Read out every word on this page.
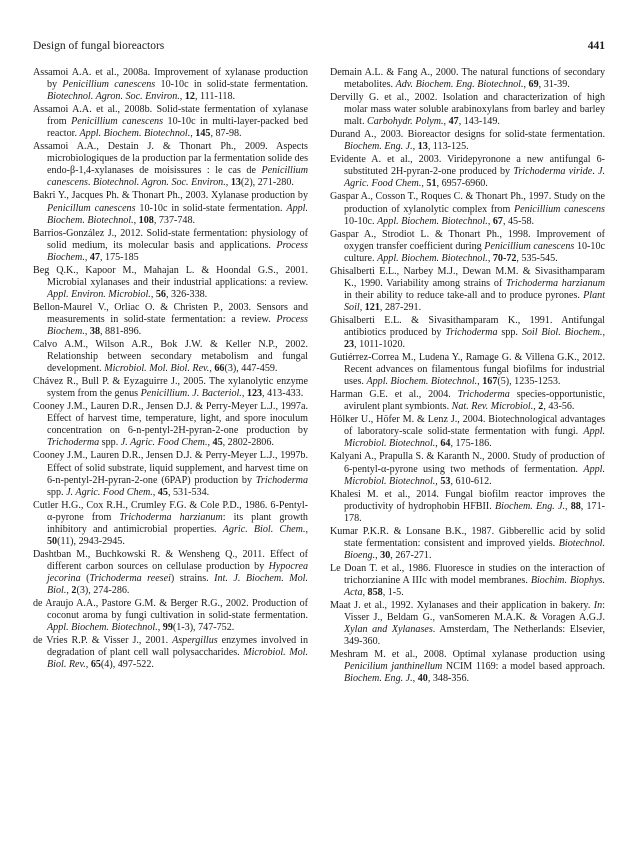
Design of fungal bioreactors	441

Assamoi A.A. et al., 2008a. Improvement of xylanase production by Penicillium canescens 10-10c in solid-state fermentation. Biotechnol. Agron. Soc. Environ., 12, 111-118.

Assamoi A.A. et al., 2008b. Solid-state fermentation of xylanase from Penicillium canescens 10-10c in multi-layer-packed bed reactor. Appl. Biochem. Biotechnol., 145, 87-98.

Assamoi A.A., Destain J. & Thonart Ph., 2009. Aspects microbiologiques de la production par la fermentation solide des endo-β-1,4-xylanases de moisissures : le cas de Penicillium canescens. Biotechnol. Agron. Soc. Environ., 13(2), 271-280.

Bakri Y., Jacques Ph. & Thonart Ph., 2003. Xylanase production by Penicillum canescens 10-10c in solid-state fermentation. Appl. Biochem. Biotechnol., 108, 737-748.

Barrios-González J., 2012. Solid-state fermentation: physiology of solid medium, its molecular basis and applications. Process Biochem., 47, 175-185

Beg Q.K., Kapoor M., Mahajan L. & Hoondal G.S., 2001. Microbial xylanases and their industrial applications: a review. Appl. Environ. Microbiol., 56, 326-338.

Bellon-Maurel V., Orliac O. & Christen P., 2003. Sensors and measurements in solid-state fermentation: a review. Process Biochem., 38, 881-896.

Calvo A.M., Wilson A.R., Bok J.W. & Keller N.P., 2002. Relationship between secondary metabolism and fungal development. Microbiol. Mol. Biol. Rev., 66(3), 447-459.

Chávez R., Bull P. & Eyzaguirre J., 2005. The xylanolytic enzyme system from the genus Penicillium. J. Bacteriol., 123, 413-433.

Cooney J.M., Lauren D.R., Jensen D.J. & Perry-Meyer L.J., 1997a. Effect of harvest time, temperature, light, and spore inoculum concentration on 6-n-pentyl-2H-pyran-2-one production by Trichoderma spp. J. Agric. Food Chem., 45, 2802-2806.

Cooney J.M., Lauren D.R., Jensen D.J. & Perry-Meyer L.J., 1997b. Effect of solid substrate, liquid supplement, and harvest time on 6-n-pentyl-2H-pyran-2-one (6PAP) production by Trichoderma spp. J. Agric. Food Chem., 45, 531-534.

Cutler H.G., Cox R.H., Crumley F.G. & Cole P.D., 1986. 6-Pentyl-α-pyrone from Trichoderma harzianum: its plant growth inhibitory and antimicrobial properties. Agric. Biol. Chem., 50(11), 2943-2945.

Dashtban M., Buchkowski R. & Wensheng Q., 2011. Effect of different carbon sources on cellulase production by Hypocrea jecorina (Trichoderma reesei) strains. Int. J. Biochem. Mol. Biol., 2(3), 274-286.

de Araujo A.A., Pastore G.M. & Berger R.G., 2002. Production of coconut aroma by fungi cultivation in solid-state fermentation. Appl. Biochem. Biotechnol., 99(1-3), 747-752.

de Vries R.P. & Visser J., 2001. Aspergillus enzymes involved in degradation of plant cell wall polysaccharides. Microbiol. Mol. Biol. Rev., 65(4), 497-522.

Demain A.L. & Fang A., 2000. The natural functions of secondary metabolites. Adv. Biochem. Eng. Biotechnol., 69, 31-39.

Dervilly G. et al., 2002. Isolation and characterization of high molar mass water soluble arabinoxylans from barley and barley malt. Carbohydr. Polym., 47, 143-149.

Durand A., 2003. Bioreactor designs for solid-state fermentation. Biochem. Eng. J., 13, 113-125.

Evidente A. et al., 2003. Viridepyronone a new antifungal 6-substituted 2H-pyran-2-one produced by Trichoderma viride. J. Agric. Food Chem., 51, 6957-6960.

Gaspar A., Cosson T., Roques C. & Thonart Ph., 1997. Study on the production of xylanolytic complex from Penicillium canescens 10-10c. Appl. Biochem. Biotechnol., 67, 45-58.

Gaspar A., Strodiot L. & Thonart Ph., 1998. Improvement of oxygen transfer coefficient during Penicillium canescens 10-10c culture. Appl. Biochem. Biotechnol., 70-72, 535-545.

Ghisalberti E.L., Narbey M.J., Dewan M.M. & Sivasithamparam K., 1990. Variability among strains of Trichoderma harzianum in their ability to reduce take-all and to produce pyrones. Plant Soil, 121, 287-291.

Ghisalberti E.L. & Sivasithamparam K., 1991. Antifungal antibiotics produced by Trichoderma spp. Soil Biol. Biochem., 23, 1011-1020.

Gutiérrez-Correa M., Ludena Y., Ramage G. & Villena G.K., 2012. Recent advances on filamentous fungal biofilms for industrial uses. Appl. Biochem. Biotechnol., 167(5), 1235-1253.

Harman G.E. et al., 2004. Trichoderma species-opportunistic, avirulent plant symbionts. Nat. Rev. Microbiol., 2, 43-56.

Hölker U., Höfer M. & Lenz J., 2004. Biotechnological advantages of laboratory-scale solid-state fermentation with fungi. Appl. Microbiol. Biotechnol., 64, 175-186.

Kalyani A., Prapulla S. & Karanth N., 2000. Study of production of 6-pentyl-α-pyrone using two methods of fermentation. Appl. Microbiol. Biotechnol., 53, 610-612.

Khalesi M. et al., 2014. Fungal biofilm reactor improves the productivity of hydrophobin HFBII. Biochem. Eng. J., 88, 171-178.

Kumar P.K.R. & Lonsane B.K., 1987. Gibberellic acid by solid state fermentation: consistent and improved yields. Biotechnol. Bioeng., 30, 267-271.

Le Doan T. et al., 1986. Fluoresce in studies on the interaction of trichorzianine A IIIc with model membranes. Biochim. Biophys. Acta, 858, 1-5.

Maat J. et al., 1992. Xylanases and their application in bakery. In: Visser J., Beldam G., vanSomeren M.A.K. & Voragen A.G.J. Xylan and Xylanases. Amsterdam, The Netherlands: Elsevier, 349-360.

Meshram M. et al., 2008. Optimal xylanase production using Penicilium janthinellum NCIM 1169: a model based approach. Biochem. Eng. J., 40, 348-356.
